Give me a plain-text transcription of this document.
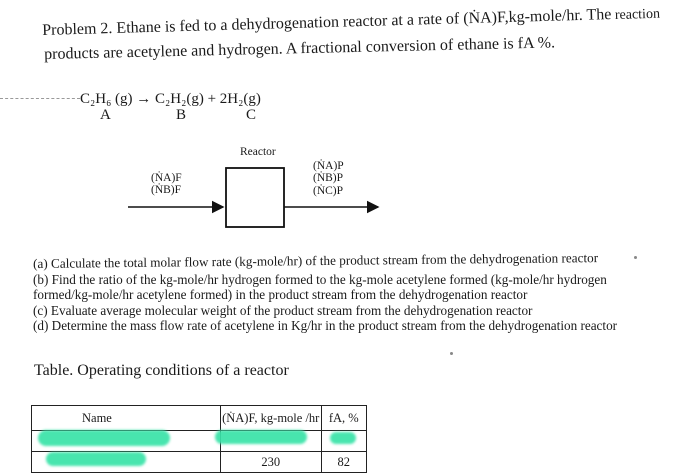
Problem 2. Ethane is fed to a dehydrogenation reactor at a rate of (ṄA)F,kg-mole/hr. The reaction
products are acetylene and hydrogen. A fractional conversion of ethane is fA %.
C₂H₆ (g) → C₂H₂(g) + 2H₂(g)
A	B	C
Reactor
(ṄA)F
(ṄB)F
(ṄA)P
(ṄB)P
(ṄC)P
(a) Calculate the total molar flow rate (kg-mole/hr) of the product stream from the dehydrogenation reactor
(b) Find the ratio of the kg-mole/hr hydrogen formed to the kg-mole acetylene formed (kg-mole/hr hydrogen
formed/kg-mole/hr acetylene formed) in the product stream from the dehydrogenation reactor
(c) Evaluate average molecular weight of the product stream from the dehydrogenation reactor
(d) Determine the mass flow rate of acetylene in Kg/hr in the product stream from the dehydrogenation reactor
Table. Operating conditions of a reactor
Name	(ṄA)F, kg-mole /hr	fA, %

	230	82
